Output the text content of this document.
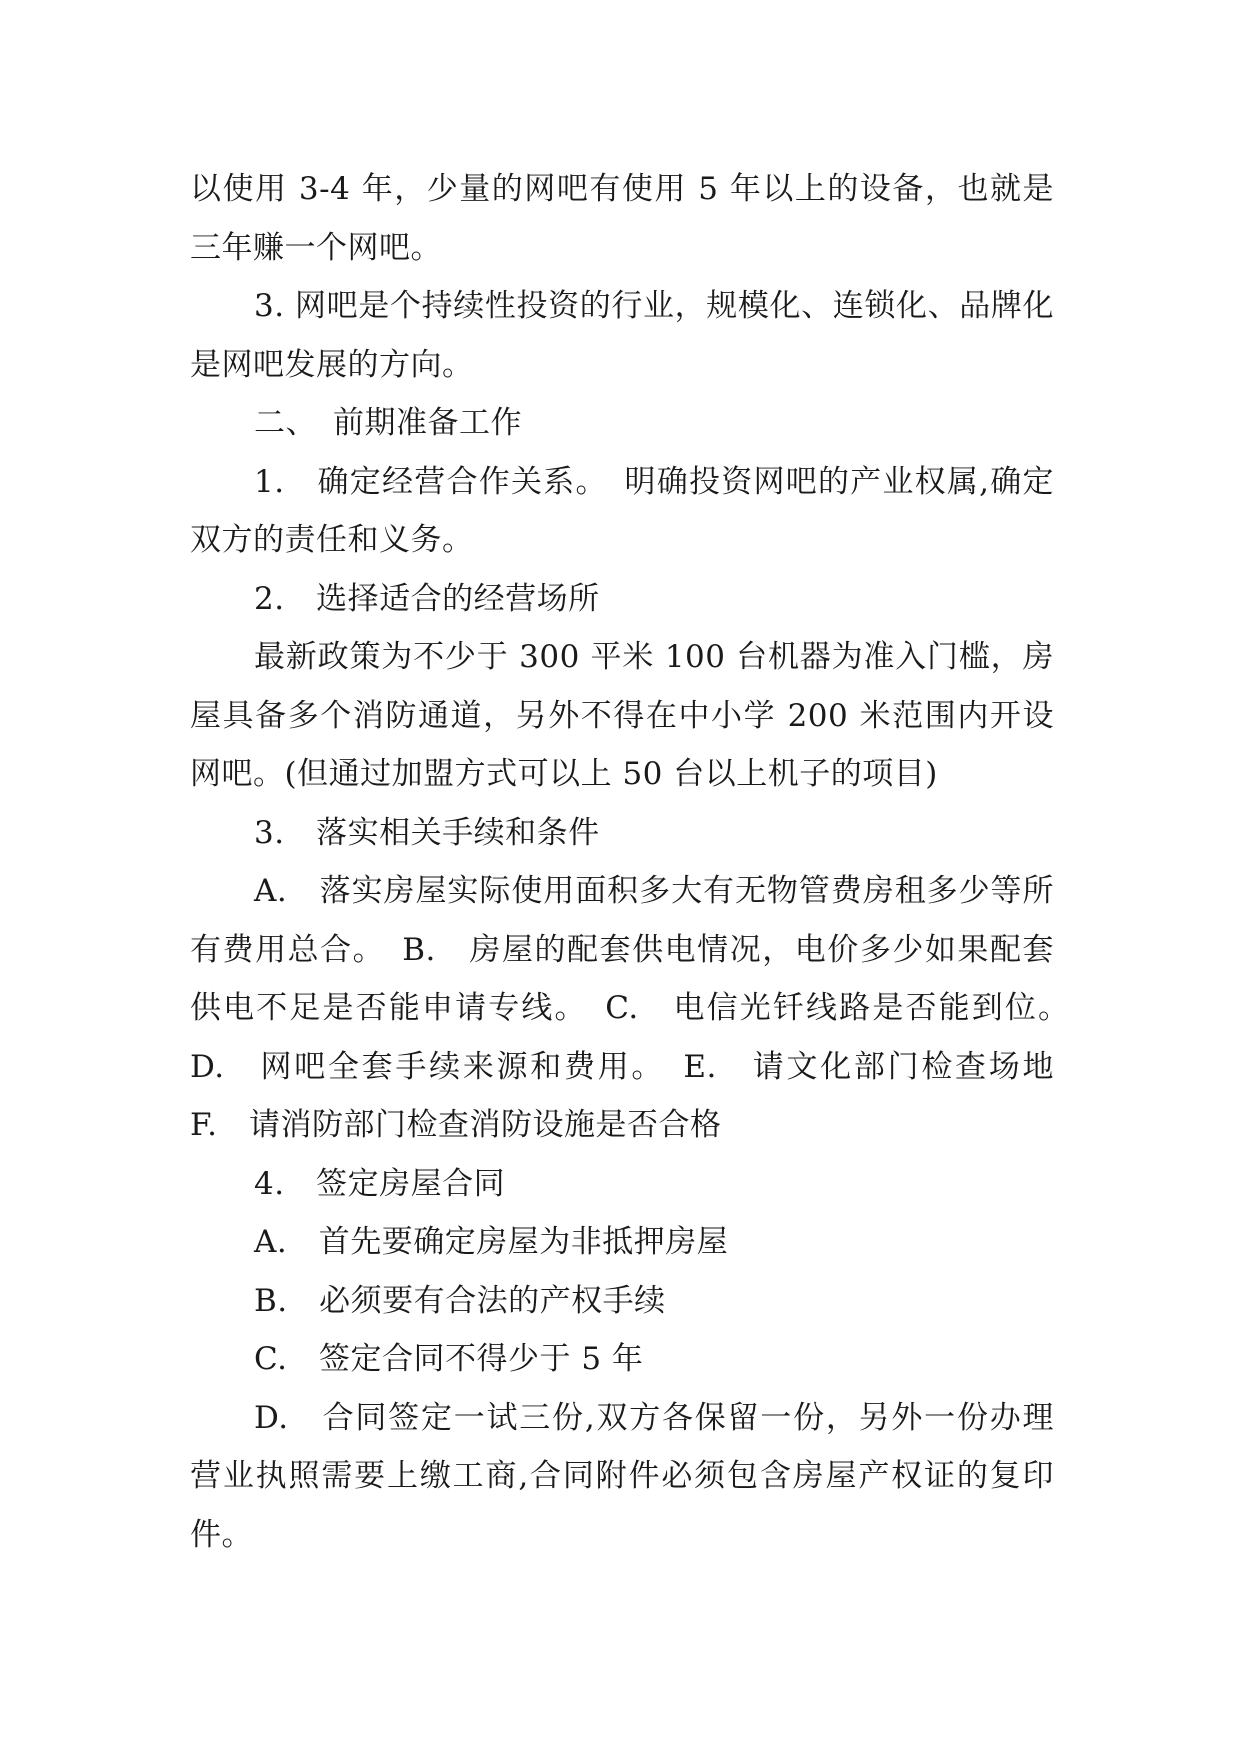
以使用 3-4 年，少量的网吧有使用 5 年以上的设备，也就是三年赚一个网吧。

3. 网吧是个持续性投资的行业，规模化、连锁化、品牌化是网吧发展的方向。

二、　前期准备工作

1.　确定经营合作关系。　明确投资网吧的产业权属,确定双方的责任和义务。

2.　选择适合的经营场所

最新政策为不少于 300 平米 100 台机器为准入门槛，房屋具备多个消防通道，另外不得在中小学 200 米范围内开设网吧。(但通过加盟方式可以上 50 台以上机子的项目)

3.　落实相关手续和条件

A.　落实房屋实际使用面积多大有无物管费房租多少等所有费用总合。　B.　房屋的配套供电情况，电价多少如果配套供电不足是否能申请专线。　C.　电信光钎线路是否能到位。　D.　网吧全套手续来源和费用。　E.　请文化部门检查场地　F.　请消防部门检查消防设施是否合格

4.　签定房屋合同

A.　首先要确定房屋为非抵押房屋

B.　必须要有合法的产权手续

C.　签定合同不得少于 5 年

D.　合同签定一试三份,双方各保留一份，另外一份办理营业执照需要上缴工商,合同附件必须包含房屋产权证的复印件。
